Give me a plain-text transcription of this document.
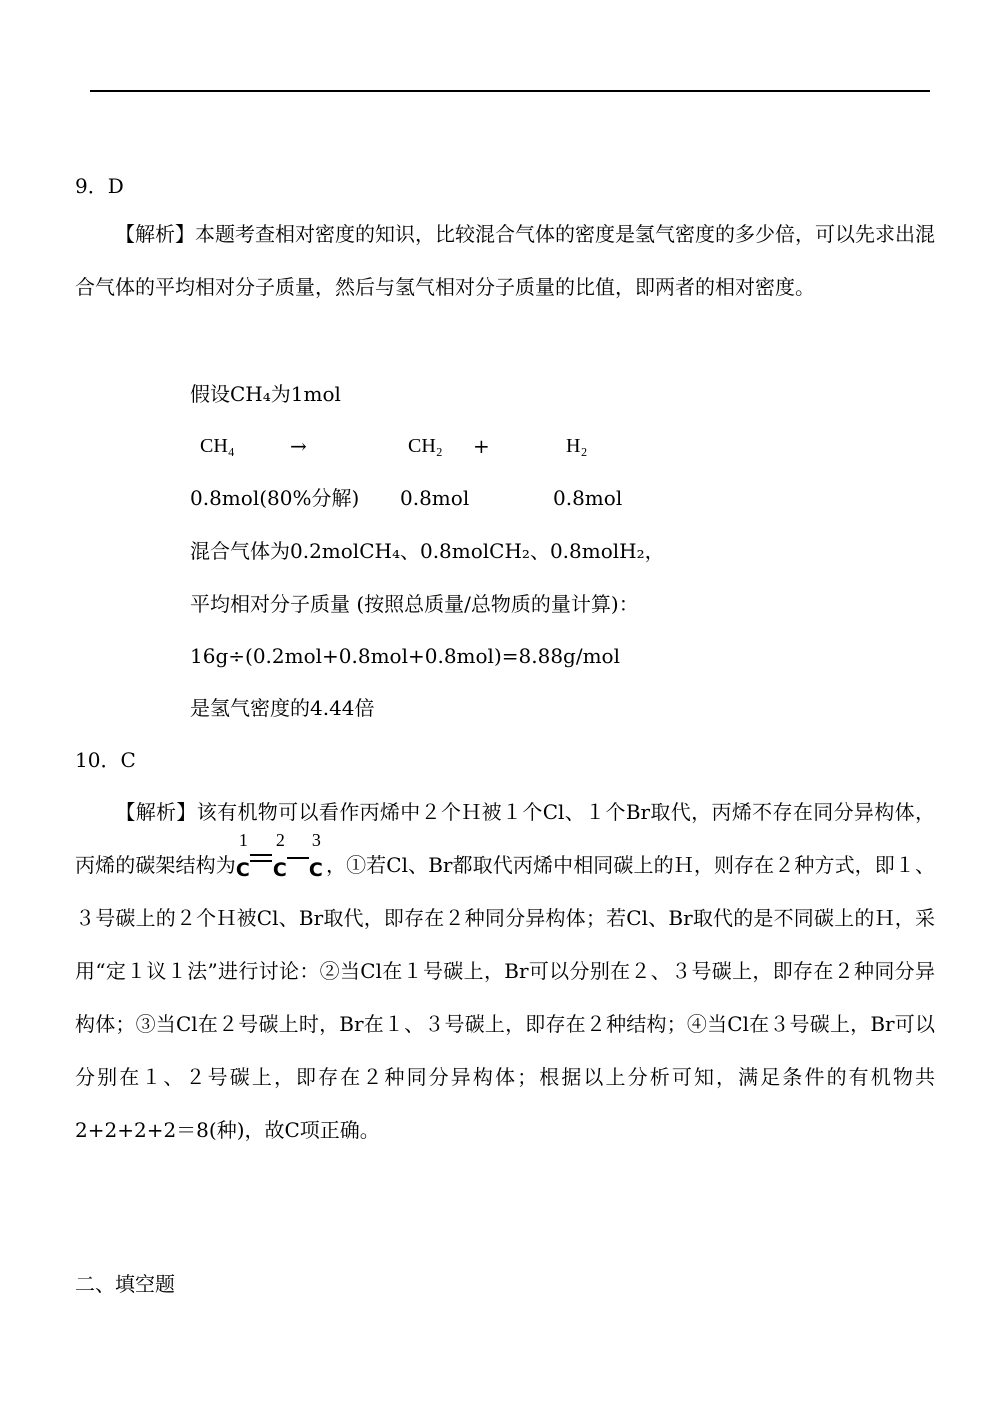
9．D
【解析】本题考查相对密度的知识，比较混合气体的密度是氢气密度的多少倍，可以先求出混合气体的平均相对分子质量，然后与氢气相对分子质量的比值，即两者的相对密度。
假设CH₄为1mol
CH₄	→	CH₂ +	H₂
0.8mol(80%分解) 0.8mol	0.8mol
混合气体为0.2molCH₄、0.8molCH₂、0.8molH₂，
平均相对分子质量 (按照总质量/总物质的量计算)：
16g÷(0.2mol+0.8mol+0.8mol)=8.88g/mol
是氢气密度的4.44倍
10．C
【解析】该有机物可以看作丙烯中２个Ｈ被１个Cl、１个Br取代，丙烯不存在同分异构体，丙烯的碳架结构为
1 2 3
C C C ，①若Cl、Br都取代丙烯中相同碳上的Ｈ，则存在２种方式，即１、３号碳上的２个Ｈ被Cl、Br取代，即存在２种同分异构体；若Cl、Br取代的是不同碳上的Ｈ，采用“定１议１法”进行讨论：②当Cl在１号碳上，Br可以分别在２、３号碳上，即存在２种同分异构体；③当Cl在２号碳上时，Br在１、３号碳上，即存在２种结构；④当Cl在３号碳上，Br可以分别在１、２号碳上，即存在２种同分异构体；根据以上分析可知，满足条件的有机物共2+2+2+2＝8(种)，故C项正确。
二、填空题
